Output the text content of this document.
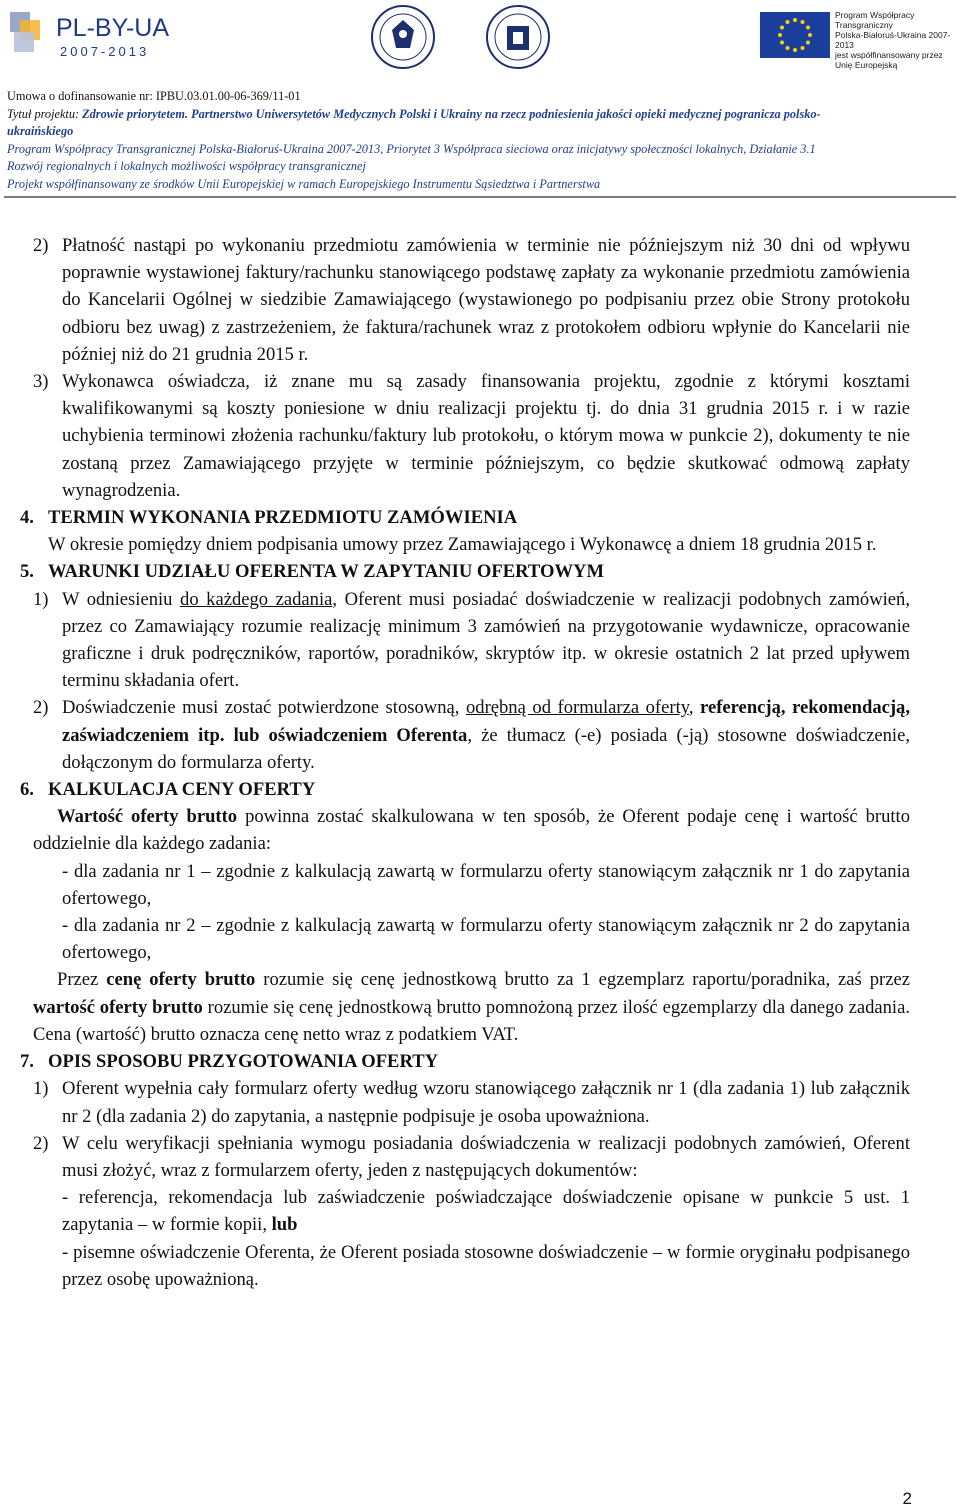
PL-BY-UA
2007-2013
Program Współpracy Transgraniczny
Polska-Białoruś-Ukraina 2007-2013
jest współfinansowany przez
Unię Europejską
Umowa o dofinansowanie nr: IPBU.03.01.00-06-369/11-01
Tytuł projektu: Zdrowie priorytetem. Partnerstwo Uniwersytetów Medycznych Polski i Ukrainy na rzecz podniesienia jakości opieki medycznej pogranicza polsko-
ukraińskiego
Program Współpracy Transgranicznej Polska-Białoruś-Ukraina 2007-2013, Priorytet 3 Współpraca sieciowa oraz inicjatywy społeczności lokalnych, Działanie 3.1
Rozwój regionalnych i lokalnych możliwości współpracy transgranicznej
Projekt współfinansowany ze środków Unii Europejskiej w ramach Europejskiego Instrumentu Sąsiedztwa i Partnerstwa
2) Płatność nastąpi po wykonaniu przedmiotu zamówienia w terminie nie późniejszym niż 30 dni od wpływu poprawnie wystawionej faktury/rachunku stanowiącego podstawę zapłaty za wykonanie przedmiotu zamówienia do Kancelarii Ogólnej w siedzibie Zamawiającego (wystawionego po podpisaniu przez obie Strony protokołu odbioru bez uwag) z zastrzeżeniem, że faktura/rachunek wraz z protokołem odbioru wpłynie do Kancelarii nie później niż do 21 grudnia 2015 r.
3) Wykonawca oświadcza, iż znane mu są zasady finansowania projektu, zgodnie z którymi kosztami kwalifikowanymi są koszty poniesione w dniu realizacji projektu tj. do dnia 31 grudnia 2015 r. i w razie uchybienia terminowi złożenia rachunku/faktury lub protokołu, o którym mowa w punkcie 2), dokumenty te nie zostaną przez Zamawiającego przyjęte w terminie późniejszym, co będzie skutkować odmową zapłaty wynagrodzenia.
4. TERMIN WYKONANIA PRZEDMIOTU ZAMÓWIENIA
W okresie pomiędzy dniem podpisania umowy przez Zamawiającego i Wykonawcę a dniem 18 grudnia 2015 r.
5. WARUNKI UDZIAŁU OFERENTA W ZAPYTANIU OFERTOWYM
1) W odniesieniu do każdego zadania, Oferent musi posiadać doświadczenie w realizacji podobnych zamówień, przez co Zamawiający rozumie realizację minimum 3 zamówień na przygotowanie wydawnicze, opracowanie graficzne i druk podręczników, raportów, poradników, skryptów itp. w okresie ostatnich 2 lat przed upływem terminu składania ofert.
2) Doświadczenie musi zostać potwierdzone stosowną, odrębną od formularza oferty, referencją, rekomendacją, zaświadczeniem itp. lub oświadczeniem Oferenta, że tłumacz (-e) posiada (-ją) stosowne doświadczenie, dołączonym do formularza oferty.
6. KALKULACJA CENY OFERTY
Wartość oferty brutto powinna zostać skalkulowana w ten sposób, że Oferent podaje cenę i wartość brutto oddzielnie dla każdego zadania:
- dla zadania nr 1 – zgodnie z kalkulacją zawartą w formularzu oferty stanowiącym załącznik nr 1 do zapytania ofertowego,
- dla zadania nr 2 – zgodnie z kalkulacją zawartą w formularzu oferty stanowiącym załącznik nr 2 do zapytania ofertowego,
Przez cenę oferty brutto rozumie się cenę jednostkową brutto za 1 egzemplarz raportu/poradnika, zaś przez wartość oferty brutto rozumie się cenę jednostkową brutto pomnożoną przez ilość egzemplarzy dla danego zadania. Cena (wartość) brutto oznacza cenę netto wraz z podatkiem VAT.
7. OPIS SPOSOBU PRZYGOTOWANIA OFERTY
1) Oferent wypełnia cały formularz oferty według wzoru stanowiącego załącznik nr 1 (dla zadania 1) lub załącznik nr 2 (dla zadania 2) do zapytania, a następnie podpisuje je osoba upoważniona.
2) W celu weryfikacji spełniania wymogu posiadania doświadczenia w realizacji podobnych zamówień, Oferent musi złożyć, wraz z formularzem oferty, jeden z następujących dokumentów:
- referencja, rekomendacja lub zaświadczenie poświadczające doświadczenie opisane w punkcie 5 ust. 1 zapytania – w formie kopii, lub
- pisemne oświadczenie Oferenta, że Oferent posiada stosowne doświadczenie – w formie oryginału podpisanego przez osobę upoważnioną.
2
